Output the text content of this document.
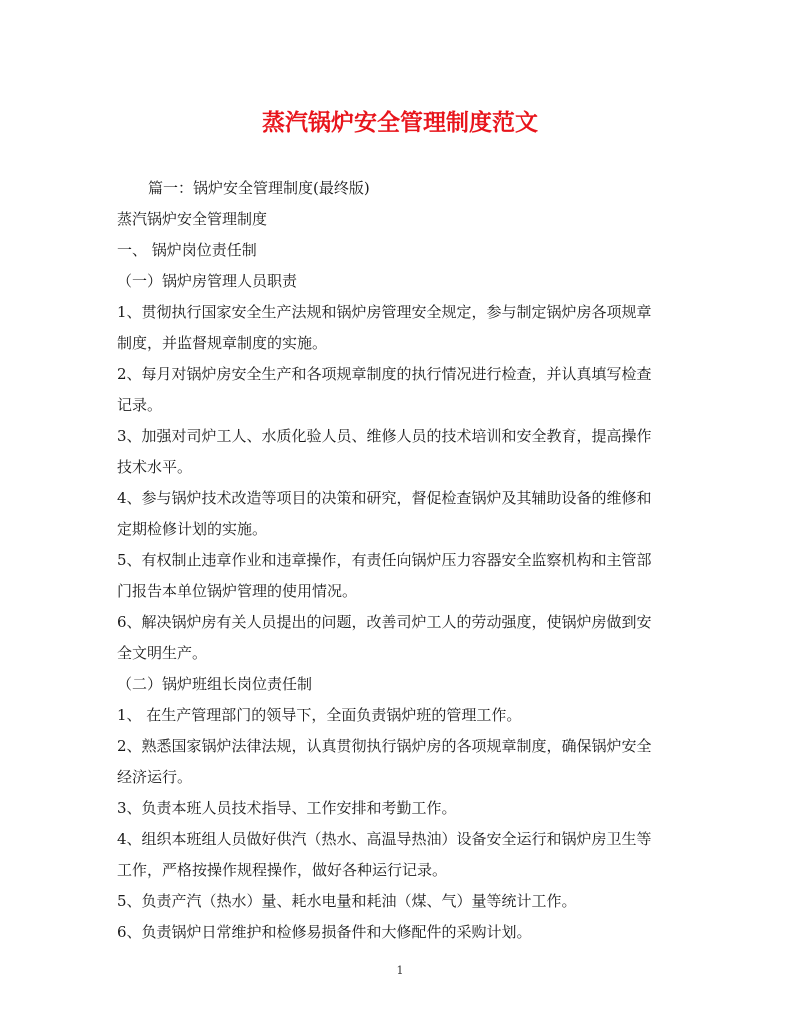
蒸汽锅炉安全管理制度范文
篇一：锅炉安全管理制度(最终版)
蒸汽锅炉安全管理制度
一、 锅炉岗位责任制
（一）锅炉房管理人员职责
1、贯彻执行国家安全生产法规和锅炉房管理安全规定，参与制定锅炉房各项规章
制度，并监督规章制度的实施。
2、每月对锅炉房安全生产和各项规章制度的执行情况进行检查，并认真填写检查
记录。
3、加强对司炉工人、水质化验人员、维修人员的技术培训和安全教育，提高操作
技术水平。
4、参与锅炉技术改造等项目的决策和研究，督促检查锅炉及其辅助设备的维修和
定期检修计划的实施。
5、有权制止违章作业和违章操作，有责任向锅炉压力容器安全监察机构和主管部
门报告本单位锅炉管理的使用情况。
6、解决锅炉房有关人员提出的问题，改善司炉工人的劳动强度，使锅炉房做到安
全文明生产。
（二）锅炉班组长岗位责任制
1、 在生产管理部门的领导下，全面负责锅炉班的管理工作。
2、熟悉国家锅炉法律法规，认真贯彻执行锅炉房的各项规章制度，确保锅炉安全
经济运行。
3、负责本班人员技术指导、工作安排和考勤工作。
4、组织本班组人员做好供汽（热水、高温导热油）设备安全运行和锅炉房卫生等
工作，严格按操作规程操作，做好各种运行记录。
5、负责产汽（热水）量、耗水电量和耗油（煤、气）量等统计工作。
6、负责锅炉日常维护和检修易损备件和大修配件的采购计划。
1
